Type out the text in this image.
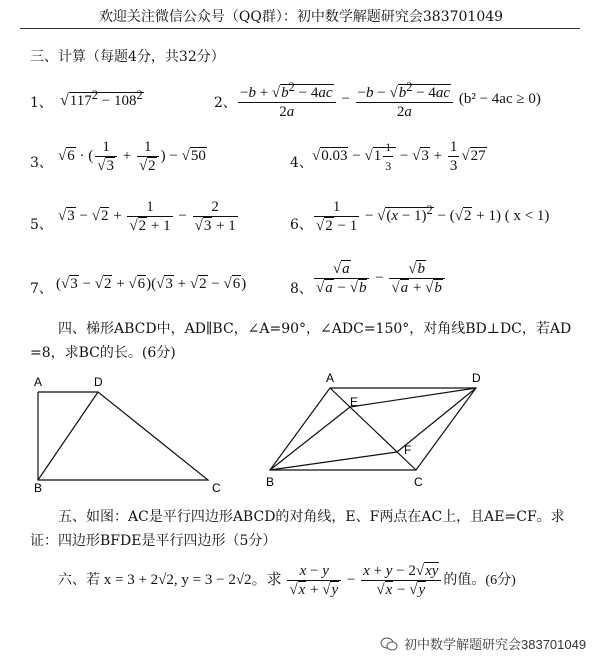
欢迎关注微信公众号（QQ群）：初中数学解题研究会383701049
三、计算（每题4分，共32分）
1、 $√117^2 - 108^2$	2、 $\frac{-b + √b^2 - 4ac}{2a} - \frac{-b - √b^2 - 4ac}{2a} (b^2 - 4ac \ge 0)$
3、 √6 · ( $\frac{1}{√3} + \frac{1}{√2}$ ) − √50	4、 $√0.03 - √1 \frac{1}{3} - √3 + \frac{1}{3} √27$
5、
$√3 - √2 + \frac{1}{√2 + 1} - \frac{2}{√3 + 1}$	6、 $\frac{1}{√2 - 1} - √(x - 1)^2 - (√2 + 1)$ ( x < 1)
7、 (√3 − √2 + √6)(√3 + √2 − √6)	8、 $\frac{√a}{√a - √b} - \frac{√b}{√a + √b}$
四、梯形ABCD中，AD∥BC，∠A=90°，∠ADC=150°，对角线BD⊥DC，若AD
=8，求BC的长。(6分)
A	D
B	C
A	D
E
F
B	C
五、如图：AC是平行四边形ABCD的对角线，E、F两点在AC上，且AE=CF。求
证：四边形BFDE是平行四边形（5分）
六、若 x = 3 + 2√2, y = 3 − 2√2。求 $\frac{x - y}{√x + √y} - \frac{x + y - 2√xy}{√x - √y}$ 的值。(6分)
初中数学解题研究会383701049
